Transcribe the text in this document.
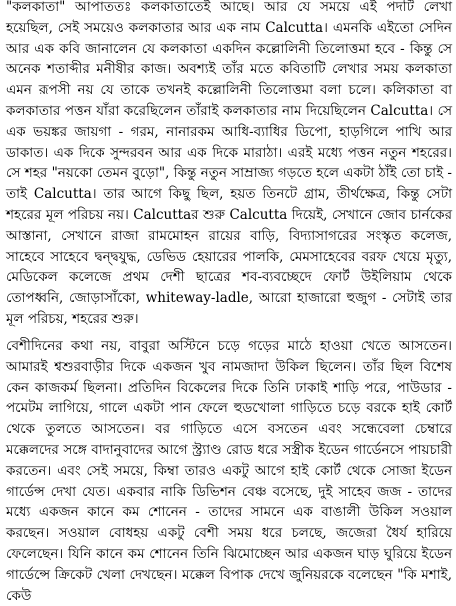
"কলকাতা" আপাততঃ কলকাতাতেই আছে। আর যে সময়ে এই পদটি লেখা হয়েছিল, সেই সময়েও কলকাতার আর এক নাম Calcutta। এমনকি এইতো সেদিন আর এক কবি জানালেন যে কলকাতা একদিন কল্লোলিনী তিলোত্তমা হবে - কিন্তু সে অনেক শতাব্দীর মনীষীর কাজ। অবশ্যই তাঁর মতে কবিতাটি লেখার সময় কলকাতা এমন রূপসী নয় যে তাকে তখনই কল্লোলিনী তিলোত্তমা বলা চলে। কলিকাতা বা কলকাতার পত্তন যাঁরা করেছিলেন তাঁরাই কলকাতার নাম দিয়েছিলেন Calcutta। সে এক ভয়ঙ্কর জায়গা - গরম, নানারকম আধি-ব্যাধির ডিপো, হাড়গিলে পাখি আর ডাকাত। এক দিকে সুন্দরবন আর এক দিকে মারাঠা। এরই মধ্যে পত্তন নতুন শহরের। সে শহর "নয়কো তেমন বুড়ো", কিন্তু নতুন সাম্রাজ্য গড়তে হলে একটা ঠাঁই তো চাই - তাই Calcutta। তার আগে কিছু ছিল, হয়ত তিনটে গ্রাম, তীর্থক্ষেত্র, কিন্তু সেটা শহরের মূল পরিচয় নয়। Calcuttaর শুরু Calcutta দিয়েই, সেখানে জোব চার্নকের আস্তানা, সেখানে রাজা রামমোহন রায়ের বাড়ি, বিদ্যাসাগরের সংস্কৃত কলেজ, সাহেবে সাহেবে দ্বন্দ্বযুদ্ধ, ডেভিড হেয়ারের পালকি, মেমসাহেবের বরফ খেয়ে মৃত্যু, মেডিকেল কলেজে প্রথম দেশী ছাত্রের শব-ব্যবচ্ছেদে ফোর্ট উইলিয়াম থেকে তোপধ্বনি, জোড়াসাঁকো, whiteway-ladle, আরো হাজারো হুজুগ - সেটাই তার মূল পরিচয়, শহরের শুরু।
বেশীদিনের কথা নয়, বাবুরা অস্টিনে চড়ে গড়ের মাঠে হাওয়া খেতে আসতেন। আমারই শ্বশুরবাড়ীর দিকে একজন খুব নামজাদা উকিল ছিলেন। তাঁর ছিল বিশেষ কেন কাজকর্ম ছিলনা। প্রতিদিন বিকেলের দিকে তিনি ঢাকাই শাড়ি পরে, পাউডার - পমেটম লাগিয়ে, গালে একটা পান ফেলে হুডখোলা গাড়িতে চড়ে বরকে হাই কোর্ট থেকে তুলতে আসতেন। বর গাড়িতে এসে বসতেন এবং সন্ধেবেলা চেম্বারে মক্কেলদের সঙ্গে বাদানুবাদের আগে স্ট্র্যাণ্ড রোড ধরে সস্ত্রীক ইডেন গার্ডেনসে পায়চারী করতেন। এবং সেই সময়ে, কিম্বা তারও একটু আগে হাই কোর্ট থেকে সোজা ইডেন গার্ডেন্স দেখা যেত। একবার নাকি ডিভিশন বেঞ্চ বসেছে, দুই সাহেব জজ - তাদের মধ্যে একজন কানে কম শোনেন - তাদের সামনে এক বাঙালী উকিল সওয়াল করছেন। সওয়াল বোধহয় একটু বেশী সময় ধরে চলছে, জজেরা ধৈর্য হারিয়ে ফেলেছেন। যিনি কানে কম শোনেন তিনি ঝিমোচ্ছেন আর একজন ঘাড় ঘুরিয়ে ইডেন গার্ডেন্সে ক্রিকেট খেলা দেখছেন। মক্কেল বিপাক দেখে জুনিয়রকে বলেছেন "কি মশাই, কেউ
